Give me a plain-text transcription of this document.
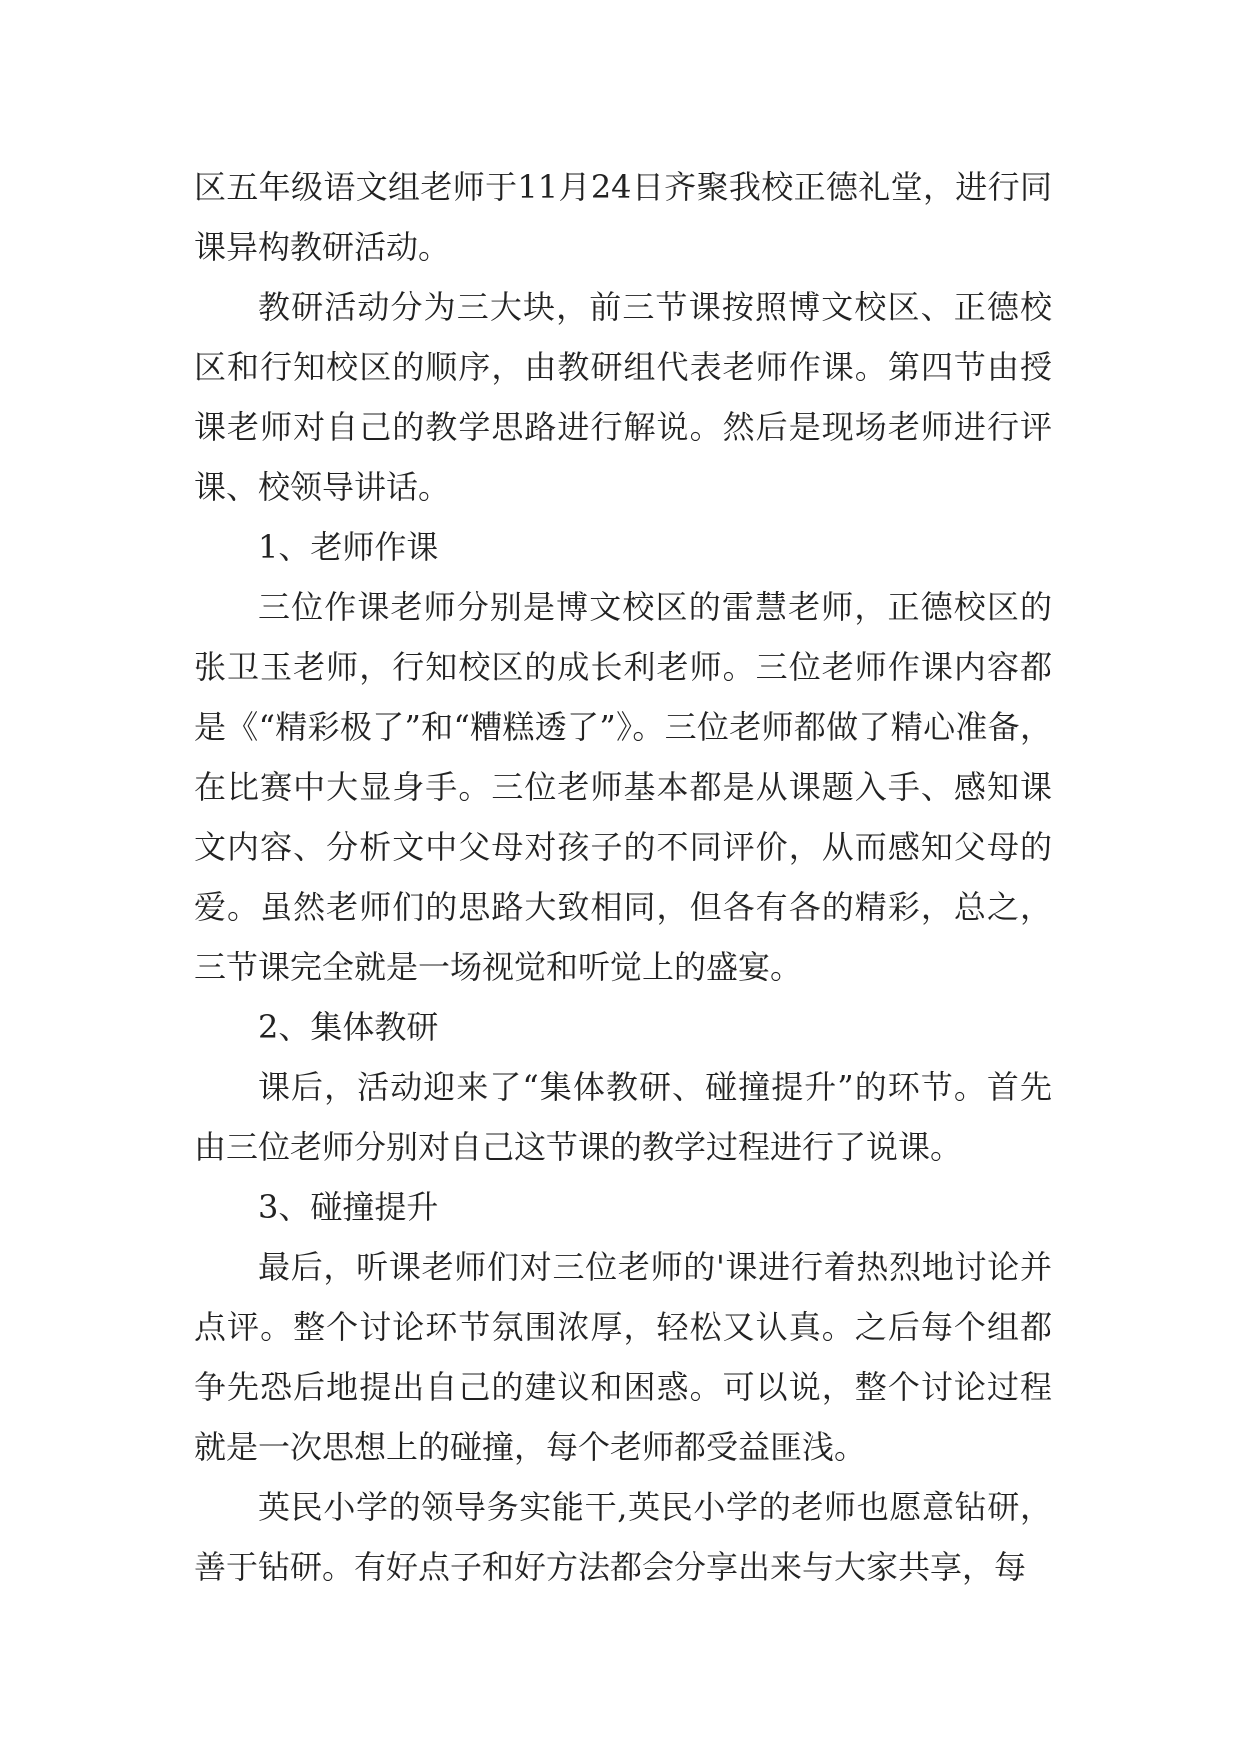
区五年级语文组老师于11月24日齐聚我校正德礼堂，进行同课异构教研活动。

教研活动分为三大块，前三节课按照博文校区、正德校区和行知校区的顺序，由教研组代表老师作课。第四节由授课老师对自己的教学思路进行解说。然后是现场老师进行评课、校领导讲话。

1、老师作课

三位作课老师分别是博文校区的雷慧老师，正德校区的张卫玉老师，行知校区的成长利老师。三位老师作课内容都是《“精彩极了”和“糟糕透了”》。三位老师都做了精心准备，在比赛中大显身手。三位老师基本都是从课题入手、感知课文内容、分析文中父母对孩子的不同评价，从而感知父母的爱。虽然老师们的思路大致相同，但各有各的精彩，总之，三节课完全就是一场视觉和听觉上的盛宴。

2、集体教研

课后，活动迎来了“集体教研、碰撞提升”的环节。首先由三位老师分别对自己这节课的教学过程进行了说课。

3、碰撞提升

最后，听课老师们对三位老师的'课进行着热烈地讨论并点评。整个讨论环节氛围浓厚，轻松又认真。之后每个组都争先恐后地提出自己的建议和困惑。可以说，整个讨论过程就是一次思想上的碰撞，每个老师都受益匪浅。

英民小学的领导务实能干,英民小学的老师也愿意钻研，善于钻研。有好点子和好方法都会分享出来与大家共享，每
